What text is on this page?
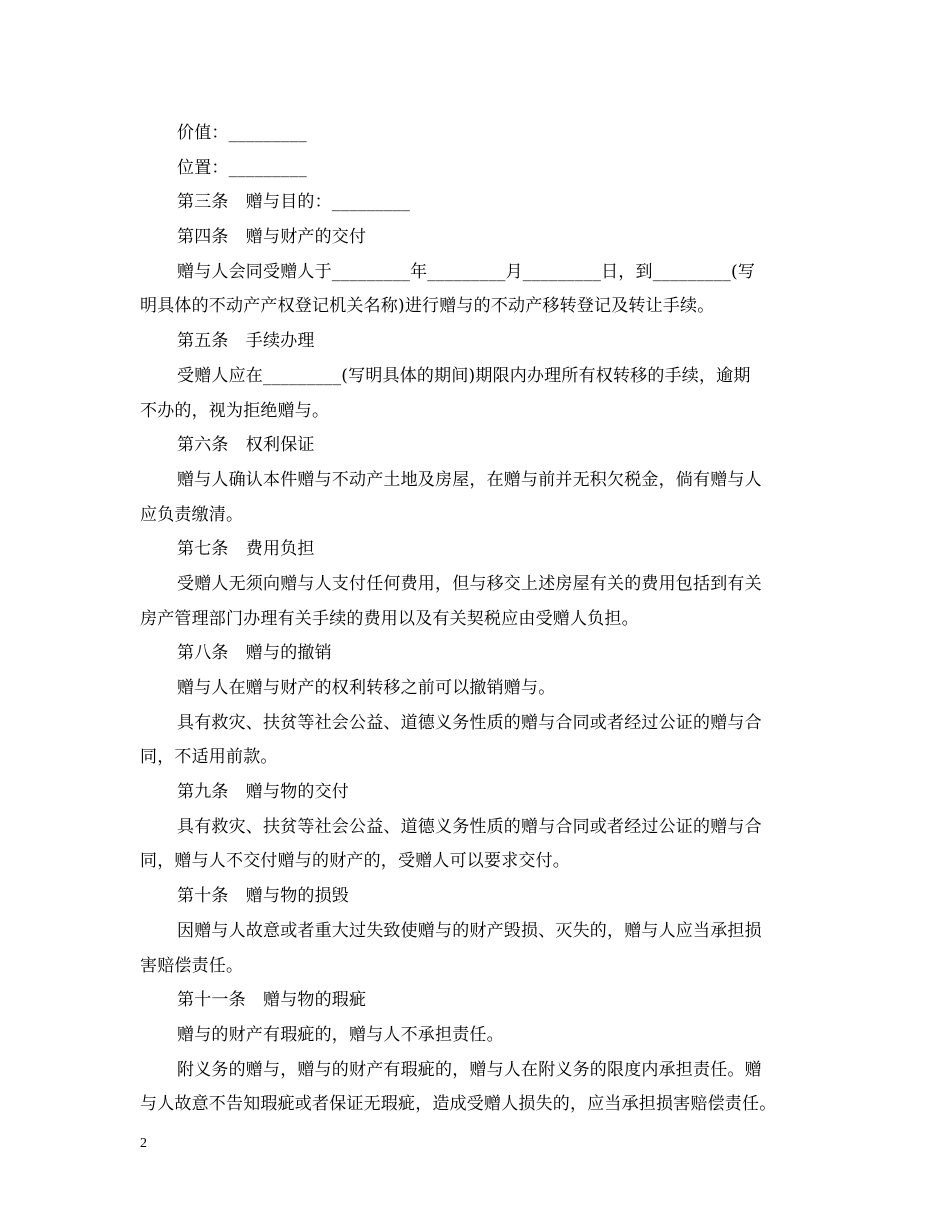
价值：_________
位置：_________
第三条　赠与目的：_________
第四条　赠与财产的交付
赠与人会同受赠人于_________年_________月_________日，到_________(写
明具体的不动产产权登记机关名称)进行赠与的不动产移转登记及转让手续。
第五条　手续办理
受赠人应在_________(写明具体的期间)期限内办理所有权转移的手续，逾期
不办的，视为拒绝赠与。
第六条　权利保证
赠与人确认本件赠与不动产土地及房屋，在赠与前并无积欠税金，倘有赠与人
应负责缴清。
第七条　费用负担
受赠人无须向赠与人支付任何费用，但与移交上述房屋有关的费用包括到有关
房产管理部门办理有关手续的费用以及有关契税应由受赠人负担。
第八条　赠与的撤销
赠与人在赠与财产的权利转移之前可以撤销赠与。
具有救灾、扶贫等社会公益、道德义务性质的赠与合同或者经过公证的赠与合
同，不适用前款。
第九条　赠与物的交付
具有救灾、扶贫等社会公益、道德义务性质的赠与合同或者经过公证的赠与合
同，赠与人不交付赠与的财产的，受赠人可以要求交付。
第十条　赠与物的损毁
因赠与人故意或者重大过失致使赠与的财产毁损、灭失的，赠与人应当承担损
害赔偿责任。
第十一条　赠与物的瑕疵
赠与的财产有瑕疵的，赠与人不承担责任。
附义务的赠与，赠与的财产有瑕疵的，赠与人在附义务的限度内承担责任。赠
与人故意不告知瑕疵或者保证无瑕疵，造成受赠人损失的，应当承担损害赔偿责任。
2
